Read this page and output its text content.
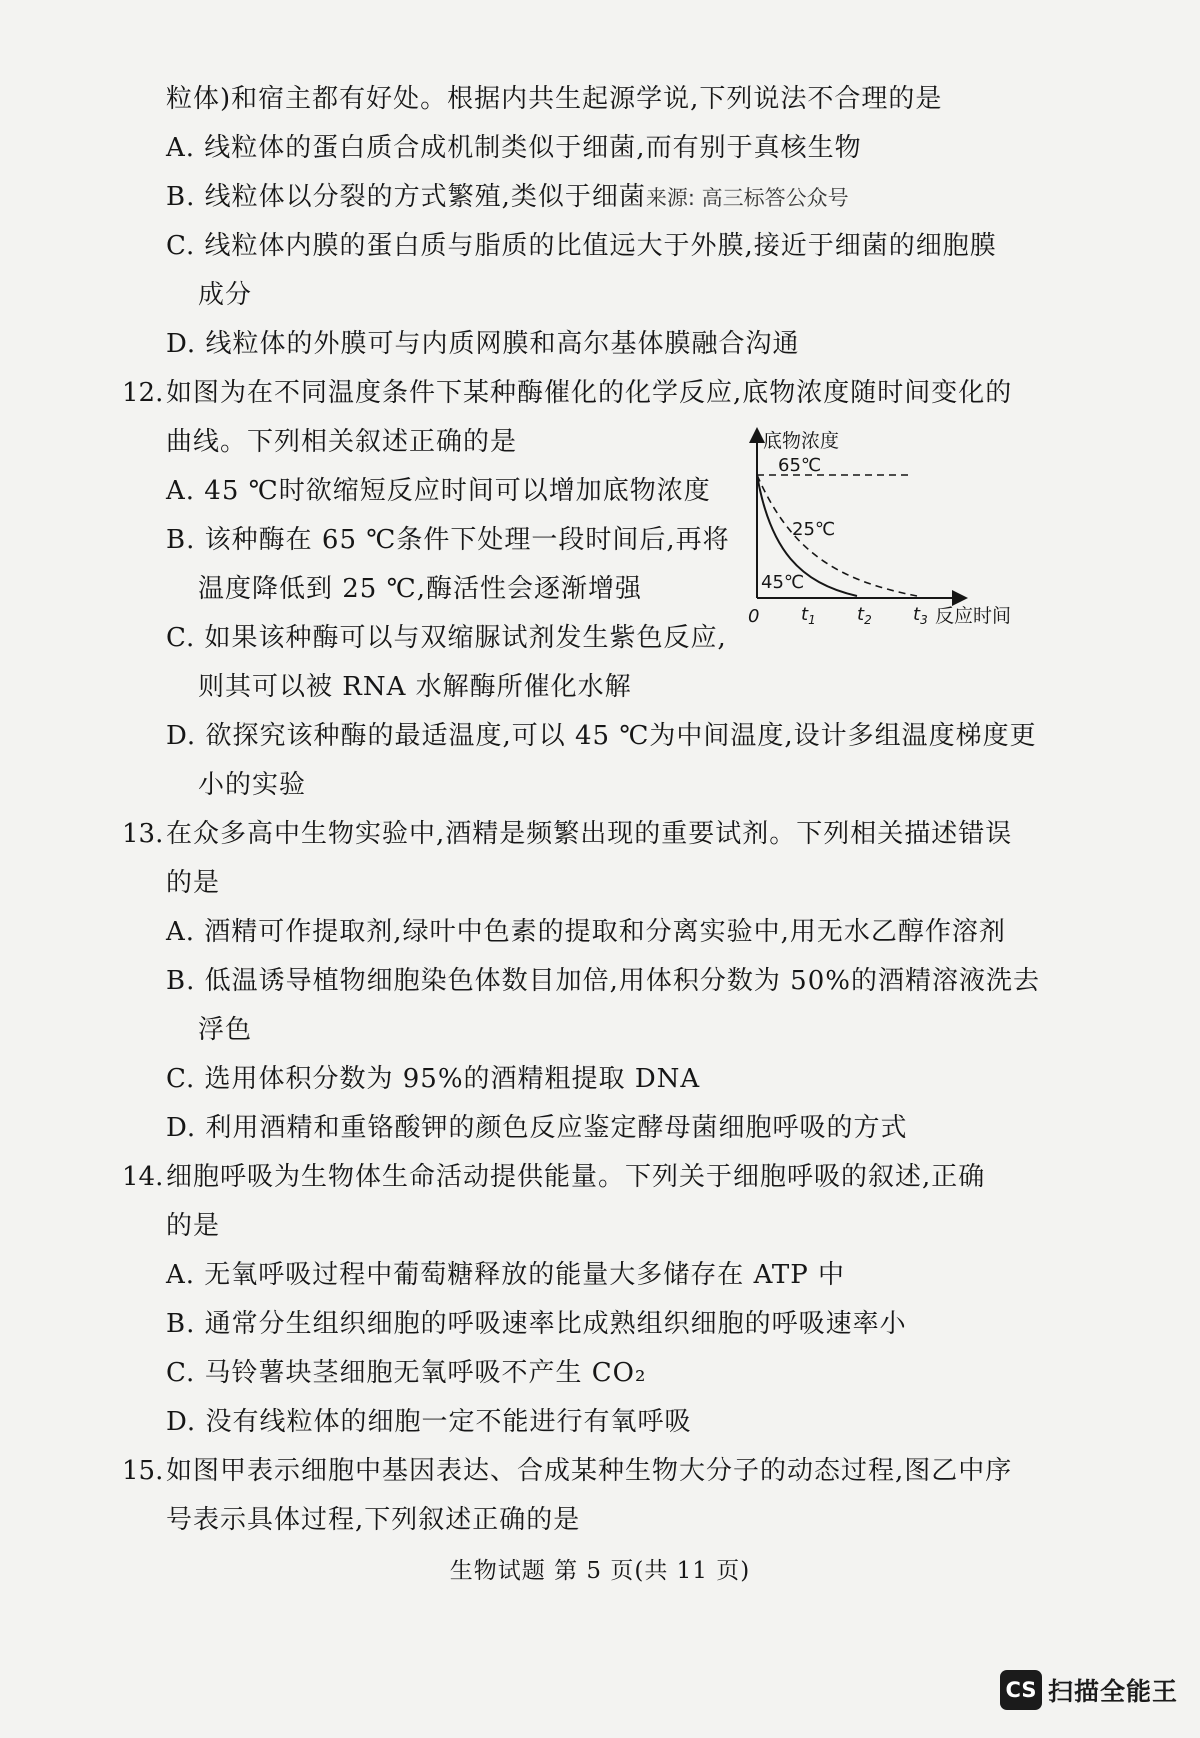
粒体)和宿主都有好处。根据内共生起源学说,下列说法不合理的是
A. 线粒体的蛋白质合成机制类似于细菌,而有别于真核生物
B. 线粒体以分裂的方式繁殖,类似于细菌来源: 高三标答公众号
C. 线粒体内膜的蛋白质与脂质的比值远大于外膜,接近于细菌的细胞膜
成分
D. 线粒体的外膜可与内质网膜和高尔基体膜融合沟通
12. 如图为在不同温度条件下某种酶催化的化学反应,底物浓度随时间变化的
曲线。下列相关叙述正确的是
A. 45 ℃时欲缩短反应时间可以增加底物浓度
B. 该种酶在 65 ℃条件下处理一段时间后,再将
温度降低到 25 ℃,酶活性会逐渐增强
C. 如果该种酶可以与双缩脲试剂发生紫色反应,
则其可以被 RNA 水解酶所催化水解
D. 欲探究该种酶的最适温度,可以 45 ℃为中间温度,设计多组温度梯度更
小的实验
底物浓度
反应时间
0
65℃
25℃
45℃
$t_1$ $t_2$ $t_3$
13. 在众多高中生物实验中,酒精是频繁出现的重要试剂。下列相关描述错误
的是
A. 酒精可作提取剂,绿叶中色素的提取和分离实验中,用无水乙醇作溶剂
B. 低温诱导植物细胞染色体数目加倍,用体积分数为 50%的酒精溶液洗去
浮色
C. 选用体积分数为 95%的酒精粗提取 DNA
D. 利用酒精和重铬酸钾的颜色反应鉴定酵母菌细胞呼吸的方式
14. 细胞呼吸为生物体生命活动提供能量。下列关于细胞呼吸的叙述,正确
的是
A. 无氧呼吸过程中葡萄糖释放的能量大多储存在 ATP 中
B. 通常分生组织细胞的呼吸速率比成熟组织细胞的呼吸速率小
C. 马铃薯块茎细胞无氧呼吸不产生 CO₂
D. 没有线粒体的细胞一定不能进行有氧呼吸
15. 如图甲表示细胞中基因表达、合成某种生物大分子的动态过程,图乙中序
号表示具体过程,下列叙述正确的是
生物试题 第 5 页(共 11 页)
CS 扫描全能王
